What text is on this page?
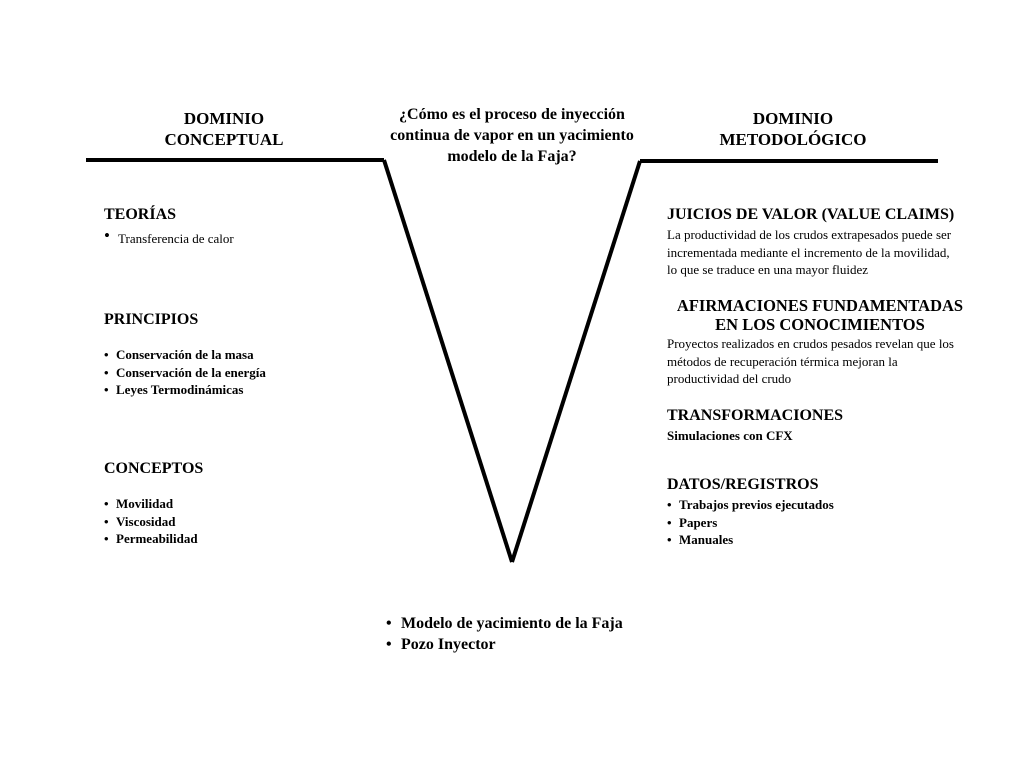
DOMINIO
CONCEPTUAL
DOMINIO
METODOLÓGICO
¿Cómo es el proceso de inyección
continua de vapor en un yacimiento
modelo de la Faja?
TEORÍAS
• Transferencia de calor
PRINCIPIOS
• Conservación de la masa
• Conservación de la energía
• Leyes Termodinámicas
CONCEPTOS
• Movilidad
• Viscosidad
• Permeabilidad
JUICIOS DE VALOR (VALUE CLAIMS)
La productividad de los crudos extrapesados puede ser
incrementada mediante el incremento de la movilidad,
lo que se traduce en una mayor fluidez
AFIRMACIONES FUNDAMENTADAS
EN LOS CONOCIMIENTOS
Proyectos realizados en crudos pesados revelan que los
métodos de recuperación térmica mejoran la
productividad del crudo
TRANSFORMACIONES
Simulaciones con CFX
DATOS/REGISTROS
• Trabajos previos ejecutados
• Papers
• Manuales
• Modelo de yacimiento de la Faja
• Pozo Inyector
